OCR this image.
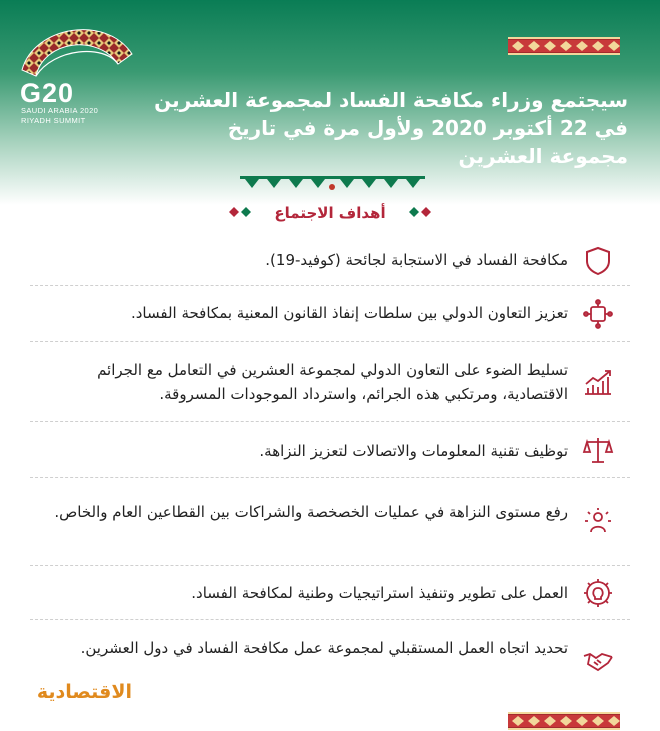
G20
SAUDI ARABIA 2020
RIYADH SUMMIT
سيجتمع وزراء مكافحة الفساد لمجموعة العشرين في 22 أكتوبر 2020 ولأول مرة في تاريخ مجموعة العشرين
أهداف الاجتماع
مكافحة الفساد في الاستجابة لجائحة (كوفيد-19).
تعزيز التعاون الدولي بين سلطات إنفاذ القانون المعنية بمكافحة الفساد.
تسليط الضوء على التعاون الدولي لمجموعة العشرين في التعامل مع الجرائم الاقتصادية، ومرتكبي هذه الجرائم، واسترداد الموجودات المسروقة.
توظيف تقنية المعلومات والاتصالات لتعزيز النزاهة.
رفع مستوى النزاهة في عمليات الخصخصة والشراكات بين القطاعين العام والخاص.
العمل على تطوير وتنفيذ استراتيجيات وطنية لمكافحة الفساد.
تحديد اتجاه العمل المستقبلي لمجموعة عمل مكافحة الفساد في دول العشرين.
الاقتصادية
